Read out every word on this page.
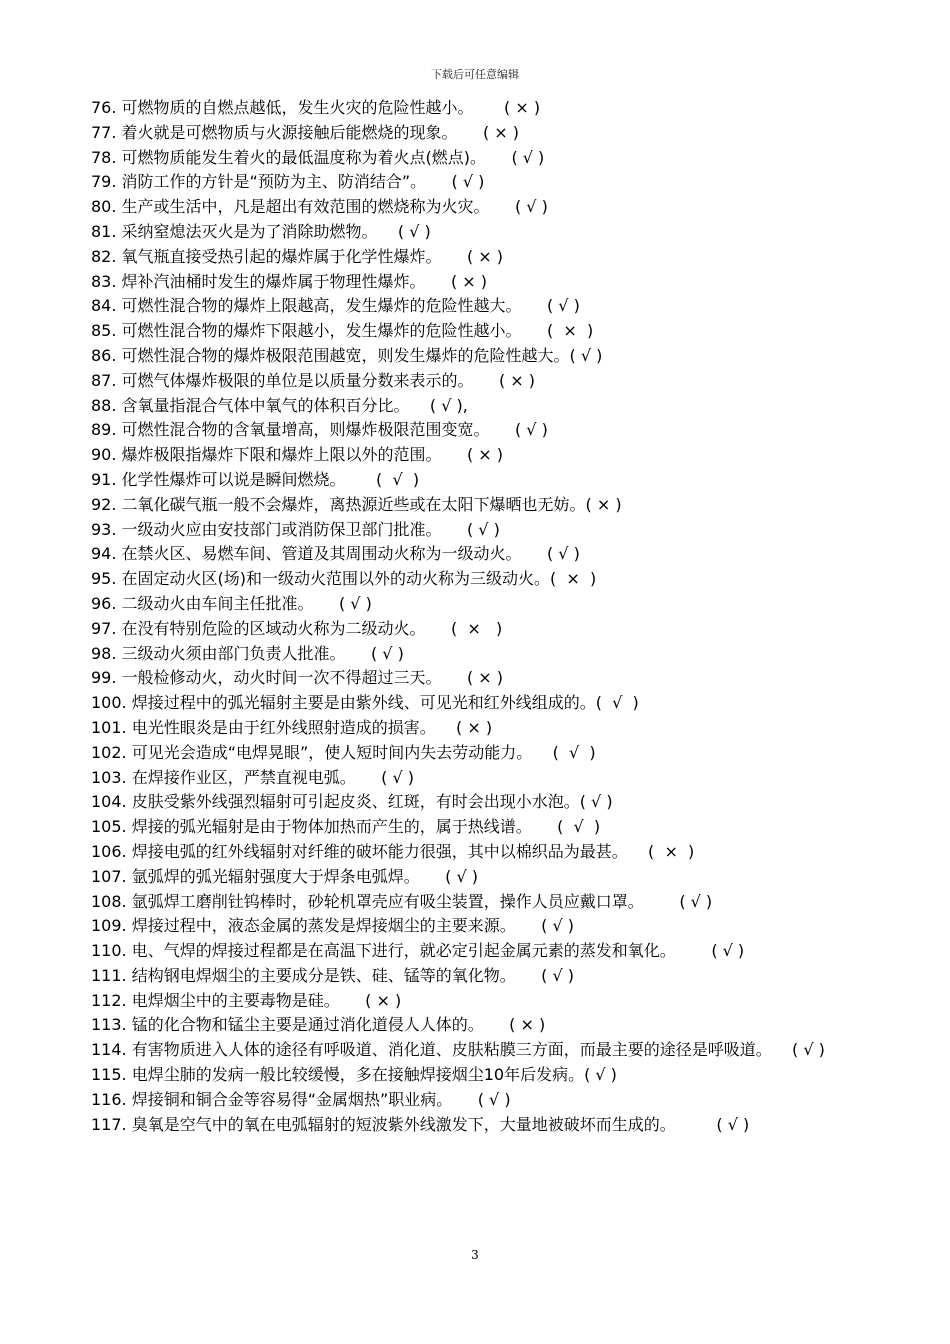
下载后可任意编辑
76. 可燃物质的自燃点越低，发生火灾的危险性越小。      ( × )
77. 着火就是可燃物质与火源接触后能燃烧的现象。     ( × )
78. 可燃物质能发生着火的最低温度称为着火点(燃点)。     ( √ )
79. 消防工作的方针是“预防为主、防消结合”。     ( √ )
80. 生产或生活中，凡是超出有效范围的燃烧称为火灾。     ( √ )
81. 采纳窒熄法灭火是为了消除助燃物。    ( √ )
82. 氧气瓶直接受热引起的爆炸属于化学性爆炸。     ( × )
83. 焊补汽油桶时发生的爆炸属于物理性爆炸。     ( × )
84. 可燃性混合物的爆炸上限越高，发生爆炸的危险性越大。     ( √ )
85. 可燃性混合物的爆炸下限越小，发生爆炸的危险性越小。     (  ×  )
86. 可燃性混合物的爆炸极限范围越宽，则发生爆炸的危险性越大。( √ )
87. 可燃气体爆炸极限的单位是以质量分数来表示的。     ( × )
88. 含氧量指混合气体中氧气的体积百分比。    ( √ ),
89. 可燃性混合物的含氧量增高，则爆炸极限范围变宽。     ( √ )
90. 爆炸极限指爆炸下限和爆炸上限以外的范围。     ( × )
91. 化学性爆炸可以说是瞬间燃烧。      (  √  )
92. 二氧化碳气瓶一般不会爆炸，离热源近些或在太阳下爆晒也无妨。( × )
93. 一级动火应由安技部门或消防保卫部门批准。     ( √ )
94. 在禁火区、易燃车间、管道及其周围动火称为一级动火。     ( √ )
95. 在固定动火区(场)和一级动火范围以外的动火称为三级动火。(  ×  )
96. 二级动火由车间主任批准。     ( √ )
97. 在没有特别危险的区域动火称为二级动火。     (  ×   )
98. 三级动火须由部门负责人批准。     ( √ )
99. 一般检修动火，动火时间一次不得超过三天。     ( × )
100. 焊接过程中的弧光辐射主要是由紫外线、可见光和红外线组成的。(  √  )
101. 电光性眼炎是由于红外线照射造成的损害。    ( × )
102. 可见光会造成“电焊晃眼”，使人短时间内失去劳动能力。    (  √  )
103. 在焊接作业区，严禁直视电弧。     ( √ )
104. 皮肤受紫外线强烈辐射可引起皮炎、红斑，有时会出现小水泡。( √ )
105. 焊接的弧光辐射是由于物体加热而产生的，属于热线谱。     (  √  )
106. 焊接电弧的红外线辐射对纤维的破坏能力很强，其中以棉织品为最甚。    (  ×  )
107. 氩弧焊的弧光辐射强度大于焊条电弧焊。     ( √ )
108. 氩弧焊工磨削钍钨棒时，砂轮机罩壳应有吸尘装置，操作人员应戴口罩。       ( √ )
109. 焊接过程中，液态金属的蒸发是焊接烟尘的主要来源。     ( √ )
110. 电、气焊的焊接过程都是在高温下进行，就必定引起金属元素的蒸发和氧化。       ( √ )
111. 结构钢电焊烟尘的主要成分是铁、硅、锰等的氧化物。     ( √ )
112. 电焊烟尘中的主要毒物是硅。     ( × )
113. 锰的化合物和锰尘主要是通过消化道侵人人体的。     ( × )
114. 有害物质进入人体的途径有呼吸道、消化道、皮肤粘膜三方面，而最主要的途径是呼吸道。    ( √ )
115. 电焊尘肺的发病一般比较缓慢，多在接触焊接烟尘10年后发病。( √ )
116. 焊接铜和铜合金等容易得“金属烟热”职业病。     ( √ )
117. 臭氧是空气中的氧在电弧辐射的短波紫外线激发下，大量地被破坏而生成的。        ( √ )
3
